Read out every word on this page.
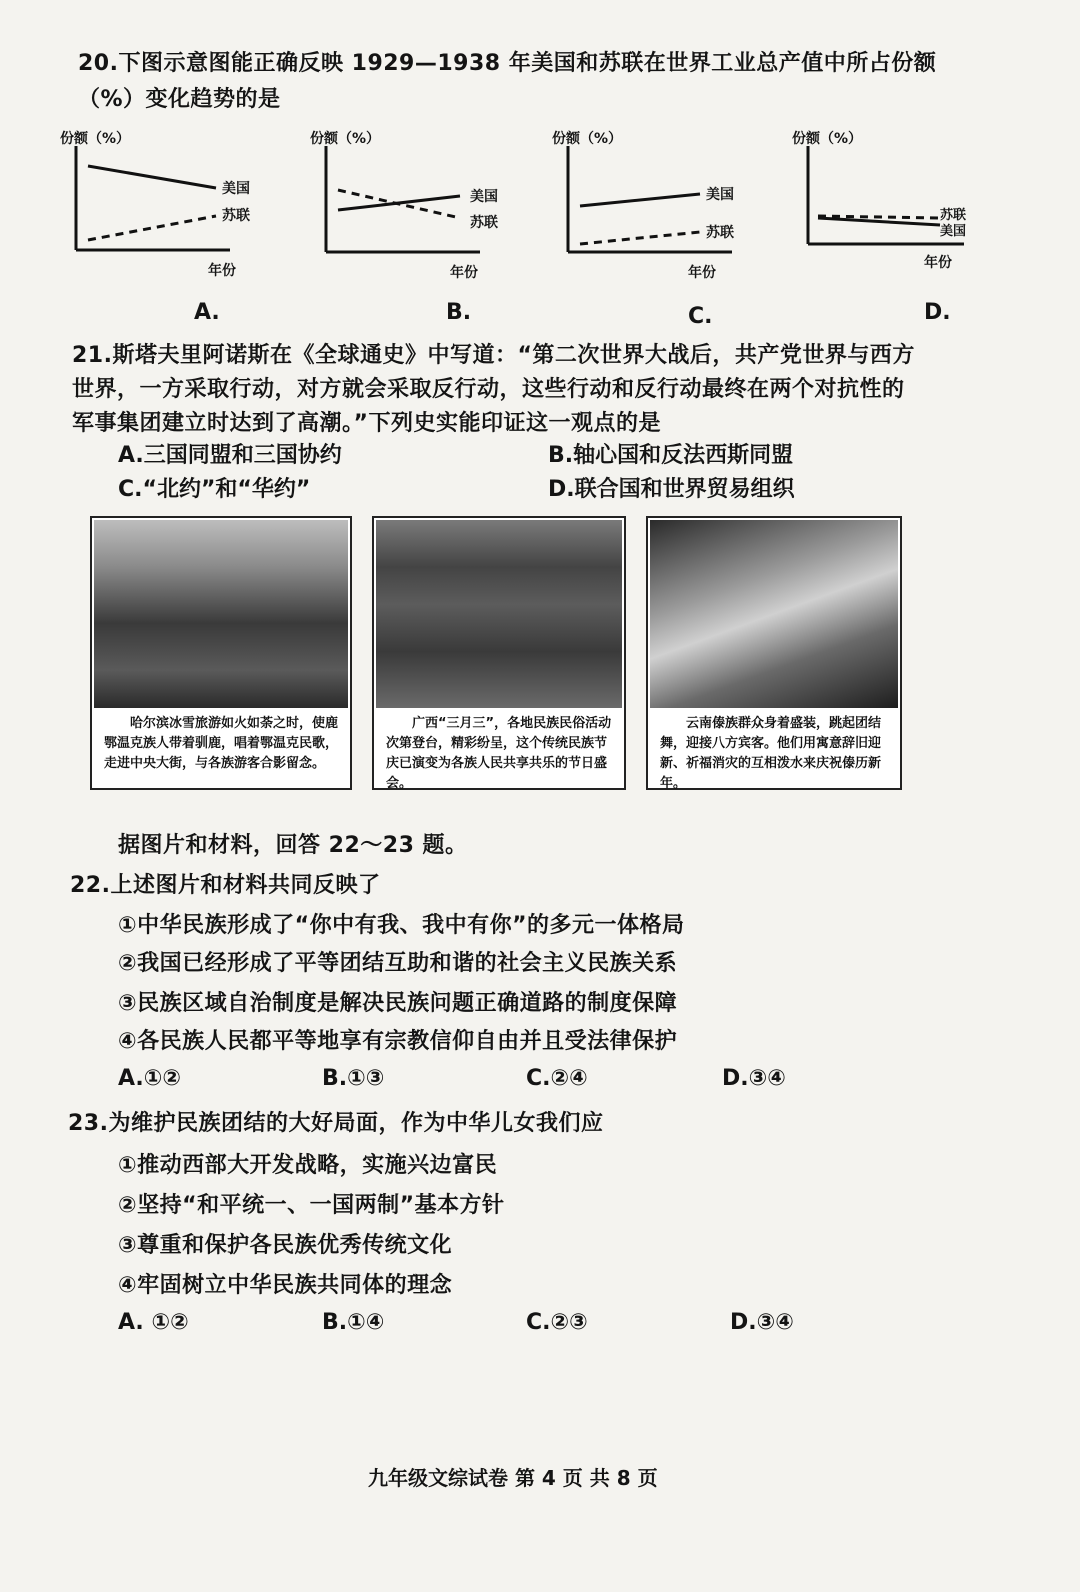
20.下图示意图能正确反映 1929—1938 年美国和苏联在世界工业总产值中所占份额
（%）变化趋势的是
份额（%）
美国
苏联
年份
A.
份额（%）
美国
苏联
年份
B.
份额（%）
美国
苏联
年份
C.
份额（%）
苏联
美国
年份
D.
21.斯塔夫里阿诺斯在《全球通史》中写道：“第二次世界大战后，共产党世界与西方
世界，一方采取行动，对方就会采取反行动，这些行动和反行动最终在两个对抗性的
军事集团建立时达到了高潮。”下列史实能印证这一观点的是
A.三国同盟和三国协约	B.轴心国和反法西斯同盟
C.“北约”和“华约”	D.联合国和世界贸易组织
哈尔滨冰雪旅游如火如荼之时，使鹿鄂温克族人带着驯鹿，唱着鄂温克民歌，走进中央大街，与各族游客合影留念。
广西“三月三”，各地民族民俗活动次第登台，精彩纷呈，这个传统民族节庆已演变为各族人民共享共乐的节日盛会。
云南傣族群众身着盛装，跳起团结舞，迎接八方宾客。他们用寓意辞旧迎新、祈福消灾的互相泼水来庆祝傣历新年。
据图片和材料，回答 22～23 题。
22.上述图片和材料共同反映了
①中华民族形成了“你中有我、我中有你”的多元一体格局
②我国已经形成了平等团结互助和谐的社会主义民族关系
③民族区域自治制度是解决民族问题正确道路的制度保障
④各民族人民都平等地享有宗教信仰自由并且受法律保护
A.①②	B.①③	C.②④	D.③④
23.为维护民族团结的大好局面，作为中华儿女我们应
①推动西部大开发战略，实施兴边富民
②坚持“和平统一、一国两制”基本方针
③尊重和保护各民族优秀传统文化
④牢固树立中华民族共同体的理念
A. ①②	B.①④	C.②③	D.③④
九年级文综试卷 第 4 页 共 8 页
